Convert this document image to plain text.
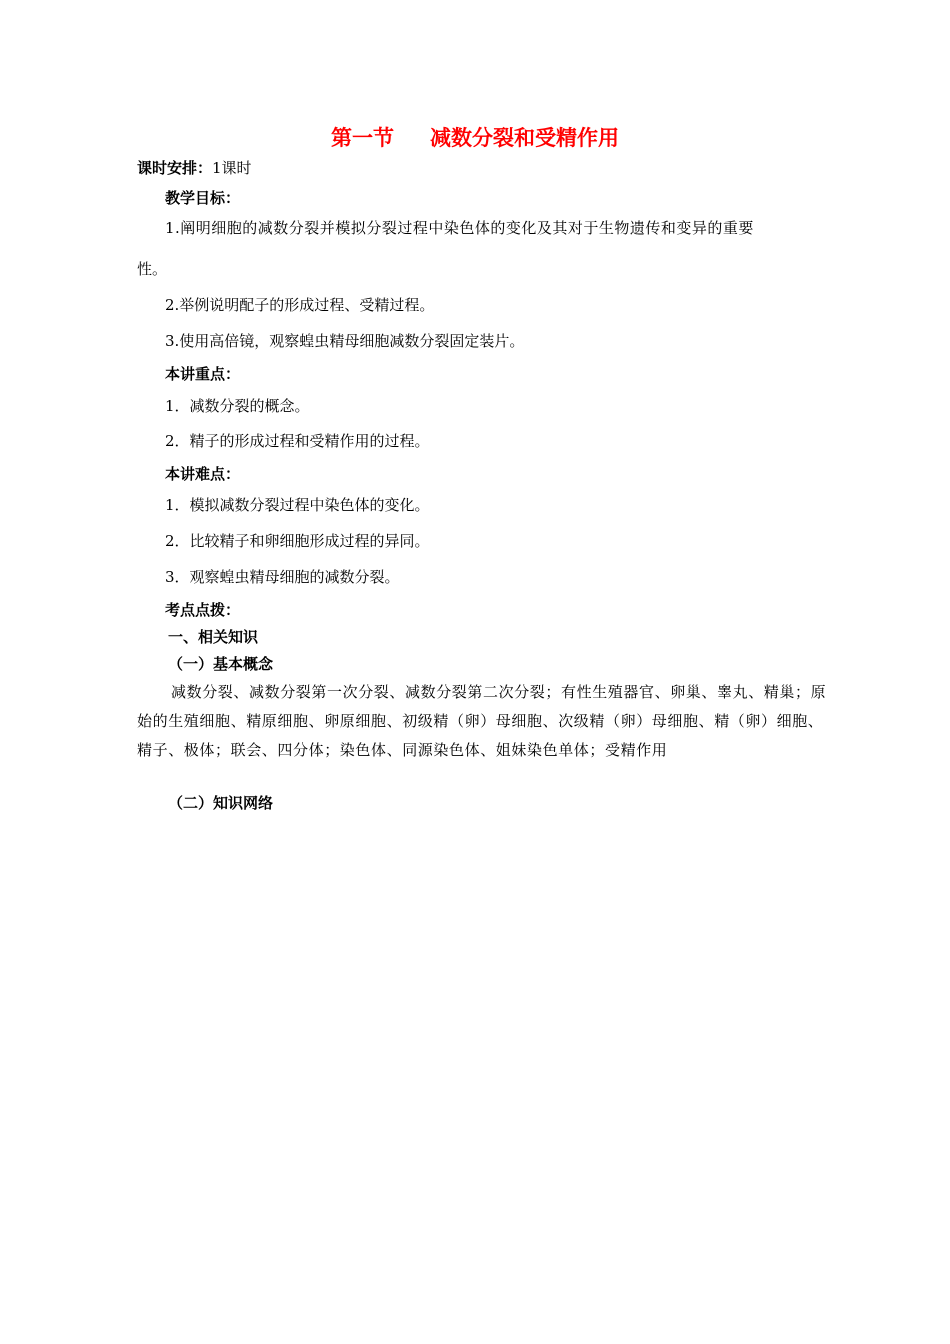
第一节 减数分裂和受精作用
课时安排：1课时
教学目标：
1.阐明细胞的减数分裂并模拟分裂过程中染色体的变化及其对于生物遗传和变异的重要
性。
2.举例说明配子的形成过程、受精过程。
3.使用高倍镜，观察蝗虫精母细胞减数分裂固定装片。
本讲重点：
1．减数分裂的概念。
2．精子的形成过程和受精作用的过程。
本讲难点：
1．模拟减数分裂过程中染色体的变化。
2．比较精子和卵细胞形成过程的异同。
3．观察蝗虫精母细胞的减数分裂。
考点点拨：
一、相关知识
（一）基本概念
减数分裂、减数分裂第一次分裂、减数分裂第二次分裂；有性生殖器官、卵巢、睾丸、精巢；原始的生殖细胞、精原细胞、卵原细胞、初级精（卵）母细胞、次级精（卵）母细胞、精（卵）细胞、精子、极体；联会、四分体；染色体、同源染色体、姐妹染色单体；受精作用
（二）知识网络
